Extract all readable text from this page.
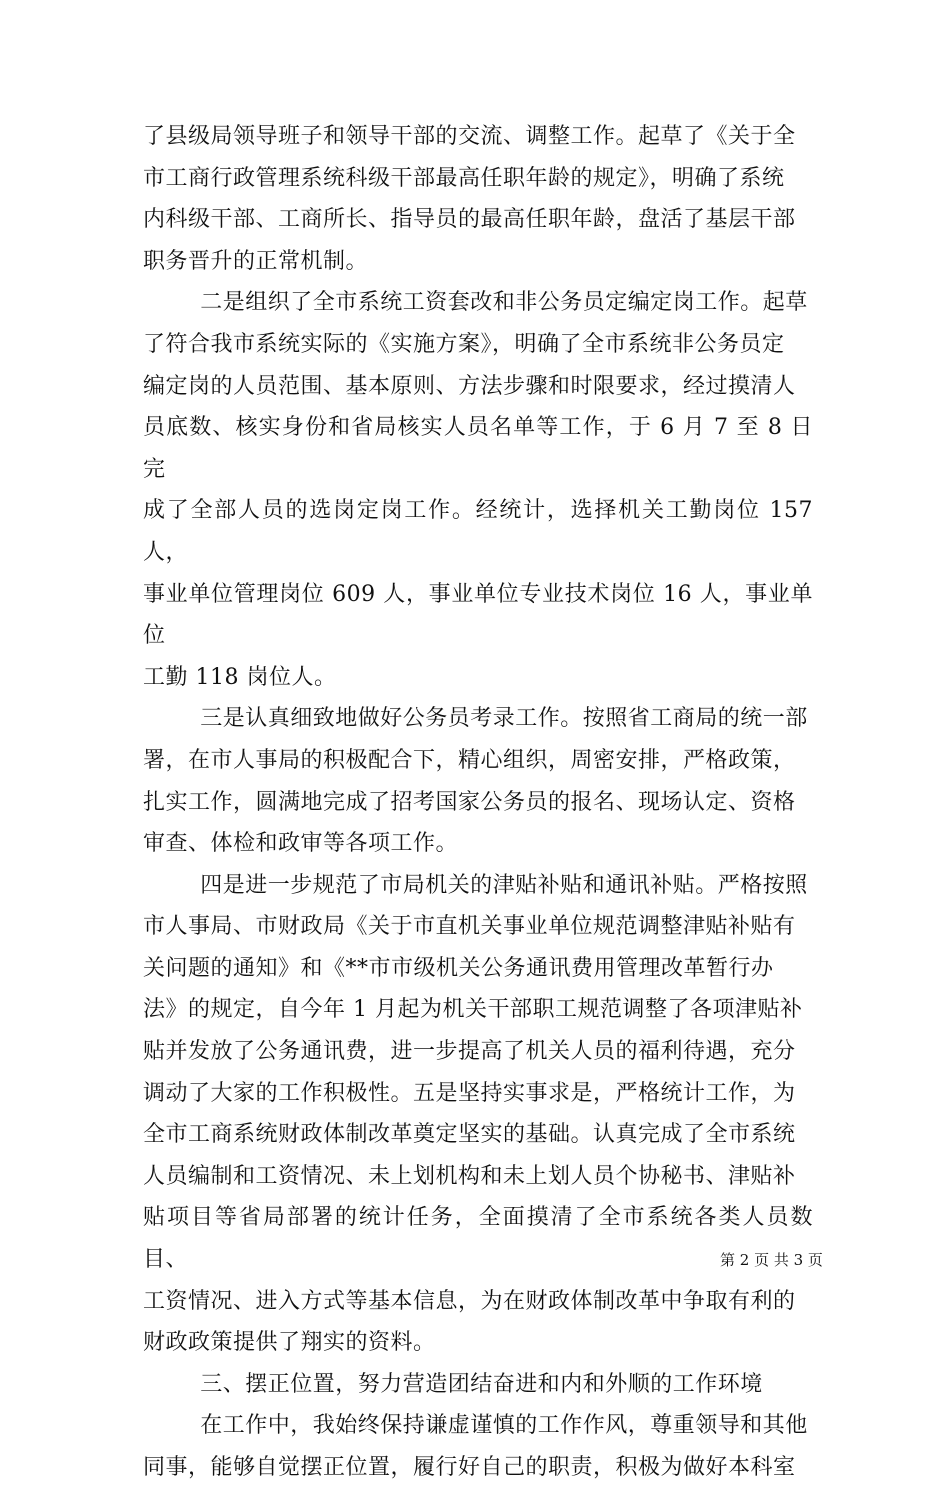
了县级局领导班子和领导干部的交流、调整工作。起草了《关于全
市工商行政管理系统科级干部最高任职年龄的规定》，明确了系统
内科级干部、工商所长、指导员的最高任职年龄，盘活了基层干部
职务晋升的正常机制。

二是组织了全市系统工资套改和非公务员定编定岗工作。起草
了符合我市系统实际的《实施方案》，明确了全市系统非公务员定
编定岗的人员范围、基本原则、方法步骤和时限要求，经过摸清人
员底数、核实身份和省局核实人员名单等工作，于 6 月 7 至 8 日完
成了全部人员的选岗定岗工作。经统计，选择机关工勤岗位 157 人，
事业单位管理岗位 609 人，事业单位专业技术岗位 16 人，事业单位
工勤 118 岗位人。

三是认真细致地做好公务员考录工作。按照省工商局的统一部
署，在市人事局的积极配合下，精心组织，周密安排，严格政策，
扎实工作，圆满地完成了招考国家公务员的报名、现场认定、资格
审查、体检和政审等各项工作。

四是进一步规范了市局机关的津贴补贴和通讯补贴。严格按照
市人事局、市财政局《关于市直机关事业单位规范调整津贴补贴有
关问题的通知》和《**市市级机关公务通讯费用管理改革暂行办
法》的规定，自今年 1 月起为机关干部职工规范调整了各项津贴补
贴并发放了公务通讯费，进一步提高了机关人员的福利待遇，充分
调动了大家的工作积极性。五是坚持实事求是，严格统计工作，为
全市工商系统财政体制改革奠定坚实的基础。认真完成了全市系统
人员编制和工资情况、未上划机构和未上划人员个协秘书、津贴补
贴项目等省局部署的统计任务，全面摸清了全市系统各类人员数目、
工资情况、进入方式等基本信息，为在财政体制改革中争取有利的
财政政策提供了翔实的资料。

三、摆正位置，努力营造团结奋进和内和外顺的工作环境

在工作中，我始终保持谦虚谨慎的工作作风，尊重领导和其他
同事，能够自觉摆正位置，履行好自己的职责，积极为做好本科室

第 2 页 共 3 页
